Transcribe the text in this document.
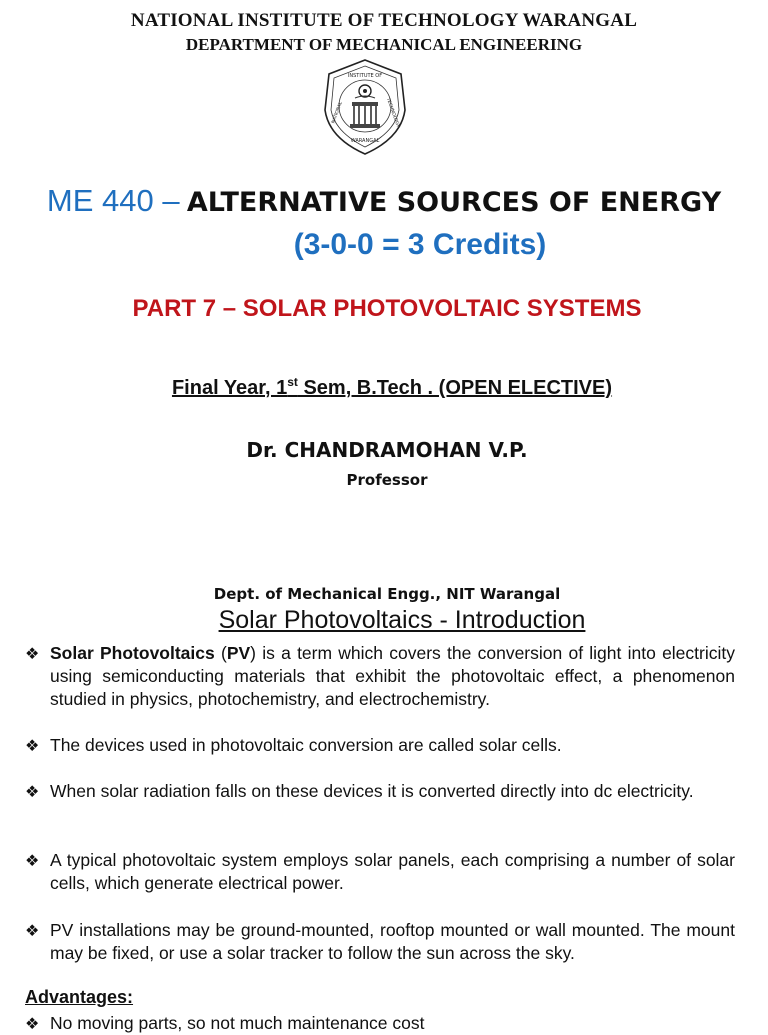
NATIONAL INSTITUTE OF TECHNOLOGY WARANGAL
DEPARTMENT OF MECHANICAL ENGINEERING
INSTITUTE OF
NATIONAL	TECHNOLOGY
WARANGAL
ME 440 – ALTERNATIVE SOURCES OF ENERGY
(3-0-0 = 3 Credits)
PART 7 – SOLAR PHOTOVOLTAIC SYSTEMS
Final Year, 1st Sem, B.Tech . (OPEN ELECTIVE)
Dr. CHANDRAMOHAN V.P.
Professor
Dept. of Mechanical Engg., NIT Warangal
Solar Photovoltaics - Introduction
❖ Solar Photovoltaics (PV) is a term which covers the conversion of light into electricity using semiconducting materials that exhibit the photovoltaic effect, a phenomenon studied in physics, photochemistry, and electrochemistry.
❖ The devices used in photovoltaic conversion are called solar cells.
❖ When solar radiation falls on these devices it is converted directly into dc electricity.
❖ A typical photovoltaic system employs solar panels, each comprising a number of solar cells, which generate electrical power.
❖ PV installations may be ground-mounted, rooftop mounted or wall mounted. The mount may be fixed, or use a solar tracker to follow the sun across the sky.
Advantages:
❖ No moving parts, so not much maintenance cost
